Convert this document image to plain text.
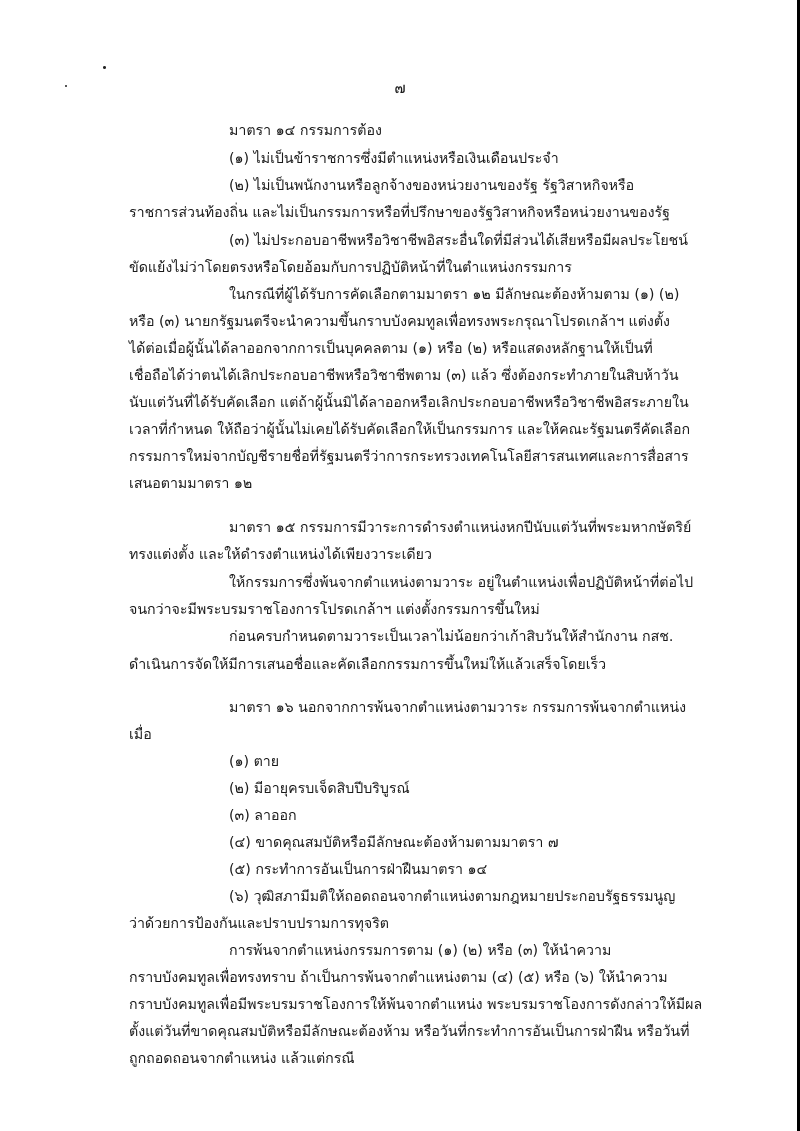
๗
มาตรา ๑๔ กรรมการต้อง
(๑) ไม่เป็นข้าราชการซึ่งมีตำแหน่งหรือเงินเดือนประจำ
(๒) ไม่เป็นพนักงานหรือลูกจ้างของหน่วยงานของรัฐ รัฐวิสาหกิจหรือ
ราชการส่วนท้องถิ่น และไม่เป็นกรรมการหรือที่ปรึกษาของรัฐวิสาหกิจหรือหน่วยงานของรัฐ
(๓) ไม่ประกอบอาชีพหรือวิชาชีพอิสระอื่นใดที่มีส่วนได้เสียหรือมีผลประโยชน์
ขัดแย้งไม่ว่าโดยตรงหรือโดยอ้อมกับการปฏิบัติหน้าที่ในตำแหน่งกรรมการ
ในกรณีที่ผู้ได้รับการคัดเลือกตามมาตรา ๑๒ มีลักษณะต้องห้ามตาม (๑) (๒)
หรือ (๓) นายกรัฐมนตรีจะนำความขึ้นกราบบังคมทูลเพื่อทรงพระกรุณาโปรดเกล้าฯ แต่งตั้ง
ได้ต่อเมื่อผู้นั้นได้ลาออกจากการเป็นบุคคลตาม (๑) หรือ (๒) หรือแสดงหลักฐานให้เป็นที่
เชื่อถือได้ว่าตนได้เลิกประกอบอาชีพหรือวิชาชีพตาม (๓) แล้ว ซึ่งต้องกระทำภายในสิบห้าวัน
นับแต่วันที่ได้รับคัดเลือก แต่ถ้าผู้นั้นมิได้ลาออกหรือเลิกประกอบอาชีพหรือวิชาชีพอิสระภายใน
เวลาที่กำหนด ให้ถือว่าผู้นั้นไม่เคยได้รับคัดเลือกให้เป็นกรรมการ และให้คณะรัฐมนตรีคัดเลือก
กรรมการใหม่จากบัญชีรายชื่อที่รัฐมนตรีว่าการกระทรวงเทคโนโลยีสารสนเทศและการสื่อสาร
เสนอตามมาตรา ๑๒
มาตรา ๑๕ กรรมการมีวาระการดำรงตำแหน่งหกปีนับแต่วันที่พระมหากษัตริย์
ทรงแต่งตั้ง และให้ดำรงตำแหน่งได้เพียงวาระเดียว
ให้กรรมการซึ่งพ้นจากตำแหน่งตามวาระ อยู่ในตำแหน่งเพื่อปฏิบัติหน้าที่ต่อไป
จนกว่าจะมีพระบรมราชโองการโปรดเกล้าฯ แต่งตั้งกรรมการขึ้นใหม่
ก่อนครบกำหนดตามวาระเป็นเวลาไม่น้อยกว่าเก้าสิบวันให้สำนักงาน กสช.
ดำเนินการจัดให้มีการเสนอชื่อและคัดเลือกกรรมการขึ้นใหม่ให้แล้วเสร็จโดยเร็ว
มาตรา ๑๖ นอกจากการพ้นจากตำแหน่งตามวาระ กรรมการพ้นจากตำแหน่ง
เมื่อ
(๑) ตาย
(๒) มีอายุครบเจ็ดสิบปีบริบูรณ์
(๓) ลาออก
(๔) ขาดคุณสมบัติหรือมีลักษณะต้องห้ามตามมาตรา ๗
(๕) กระทำการอันเป็นการฝ่าฝืนมาตรา ๑๔
(๖) วุฒิสภามีมติให้ถอดถอนจากตำแหน่งตามกฎหมายประกอบรัฐธรรมนูญ
ว่าด้วยการป้องกันและปราบปรามการทุจริต
การพ้นจากตำแหน่งกรรมการตาม (๑) (๒) หรือ (๓) ให้นำความ
กราบบังคมทูลเพื่อทรงทราบ ถ้าเป็นการพ้นจากตำแหน่งตาม (๔) (๕) หรือ (๖) ให้นำความ
กราบบังคมทูลเพื่อมีพระบรมราชโองการให้พ้นจากตำแหน่ง พระบรมราชโองการดังกล่าวให้มีผล
ตั้งแต่วันที่ขาดคุณสมบัติหรือมีลักษณะต้องห้าม หรือวันที่กระทำการอันเป็นการฝ่าฝืน หรือวันที่
ถูกถอดถอนจากตำแหน่ง แล้วแต่กรณี
